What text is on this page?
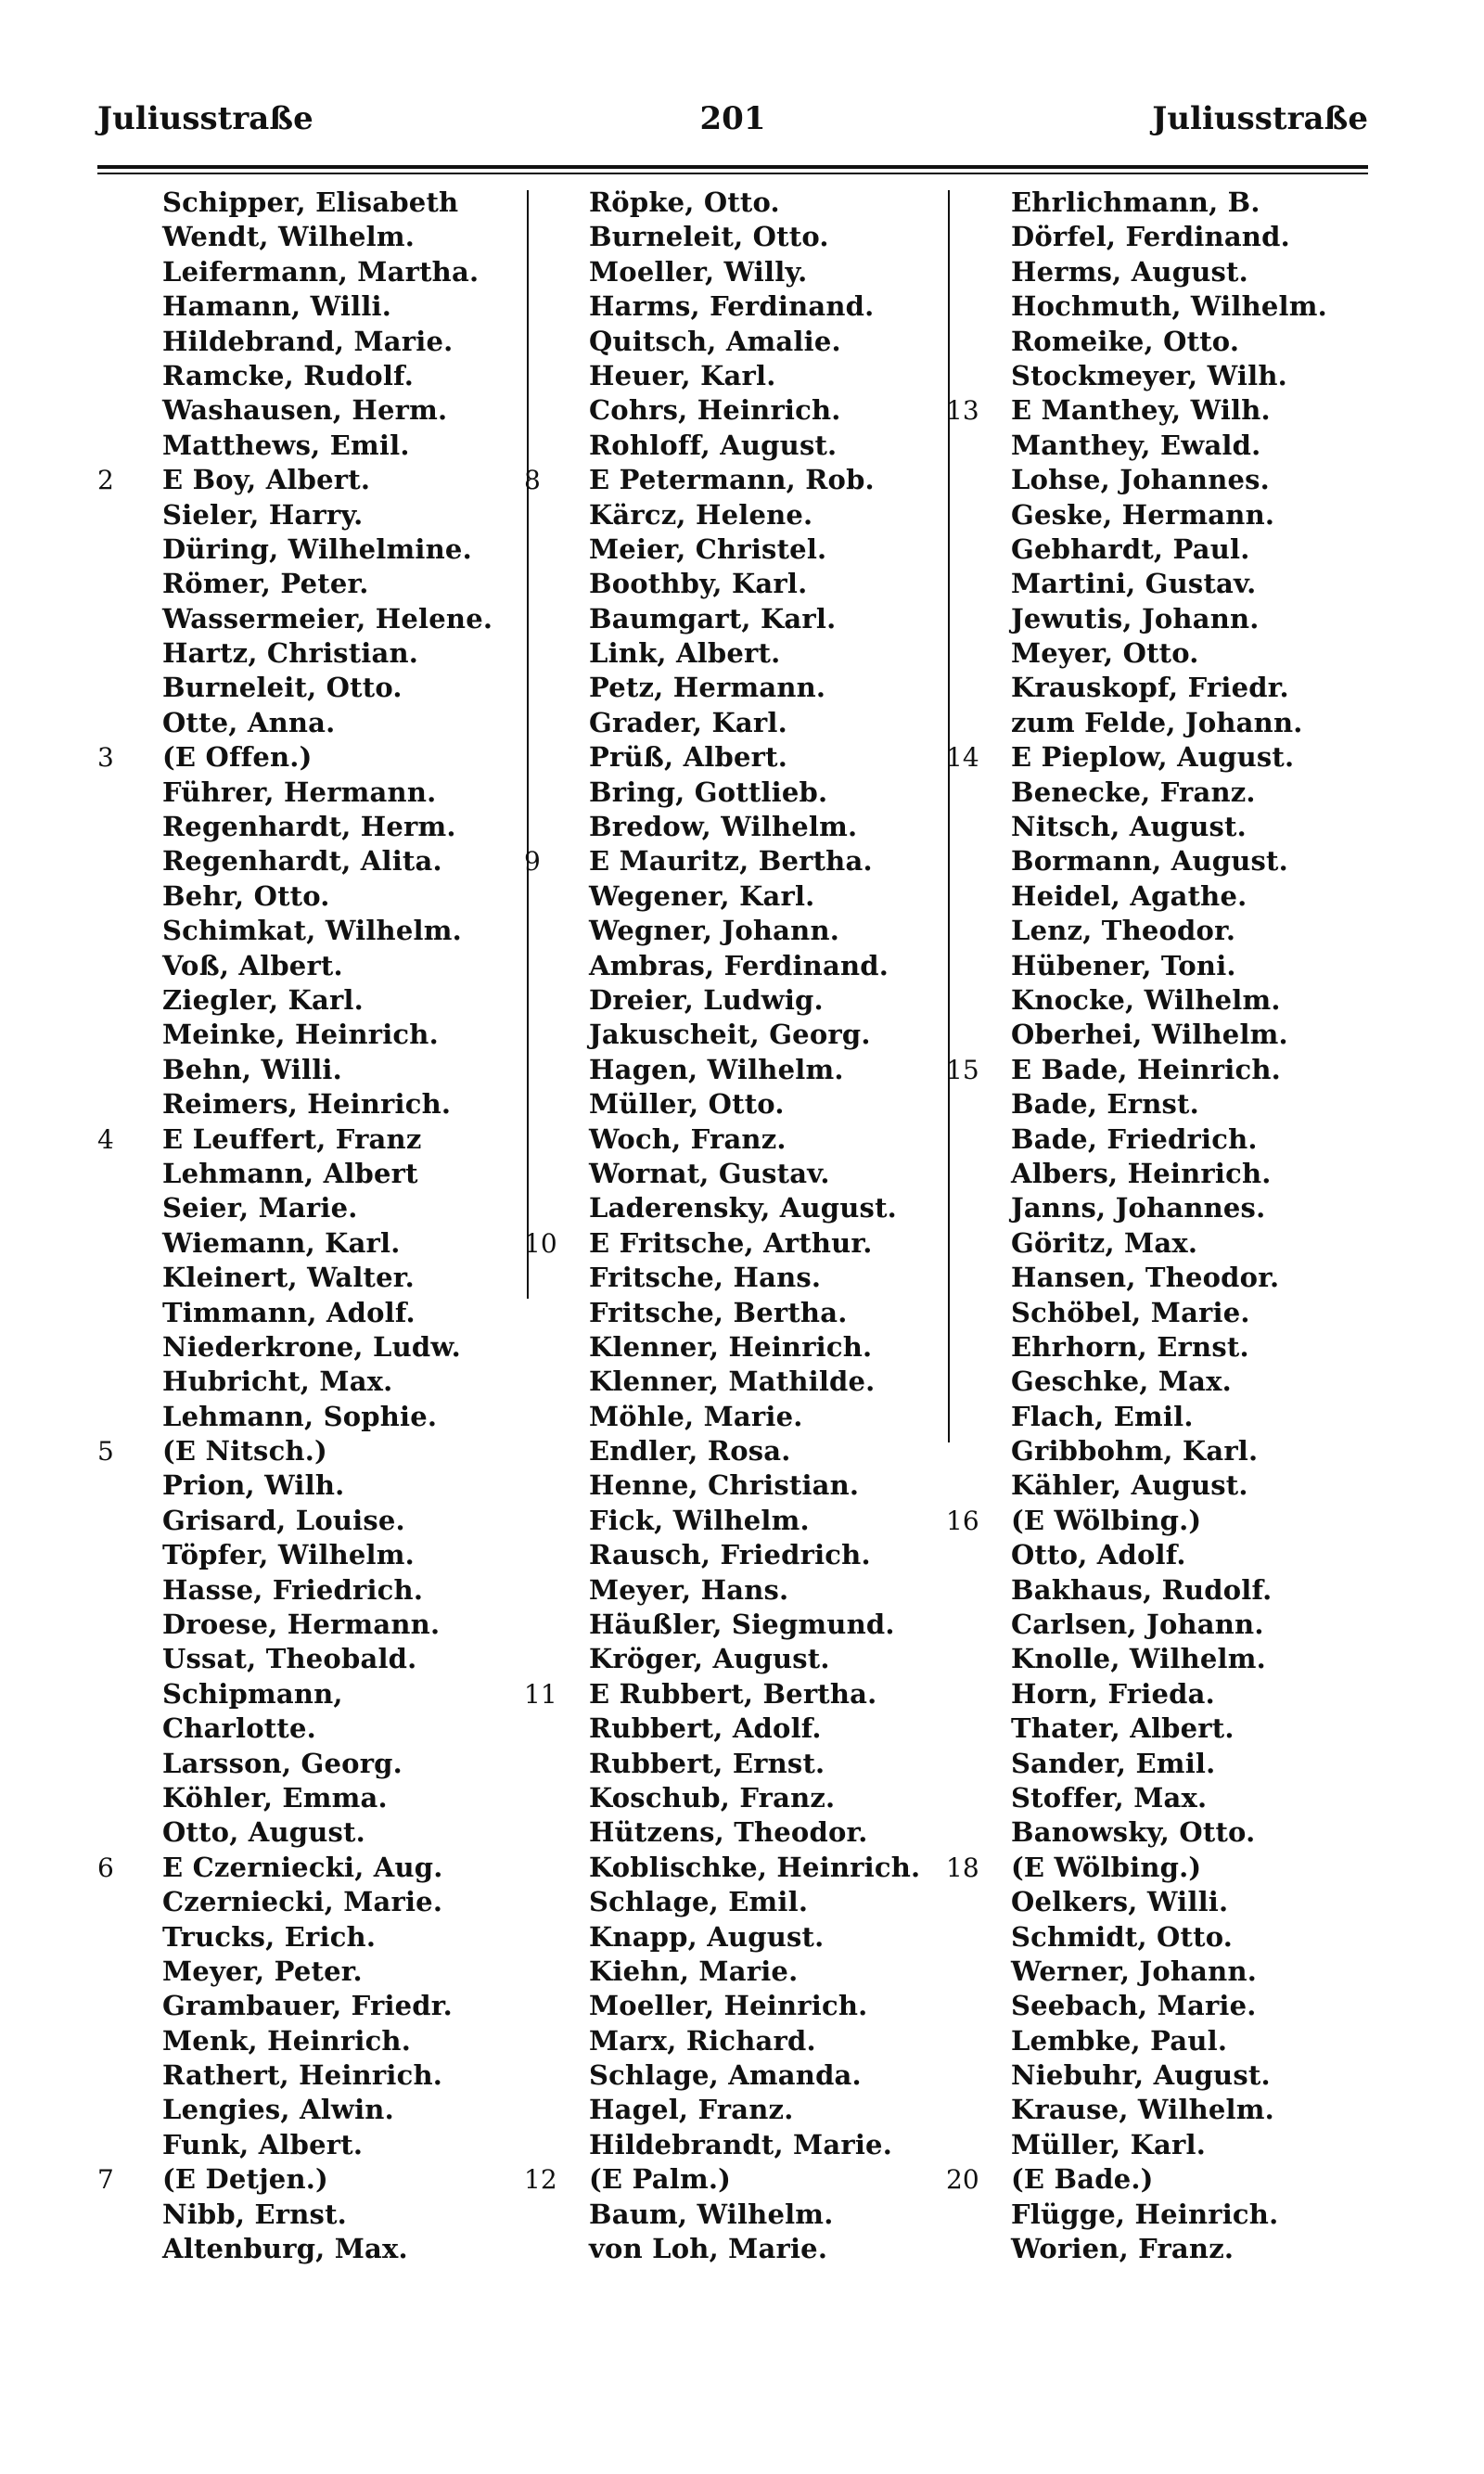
Juliusstraße	201	Juliusstraße
Schipper, Elisabeth
Wendt, Wilhelm.
Leifermann, Martha.
Hamann, Willi.
Hildebrand, Marie.
Ramcke, Rudolf.
Washausen, Herm.
Matthews, Emil.
2	E Boy, Albert.
Sieler, Harry.
Düring, Wilhelmine.
Römer, Peter.
Wassermeier, Helene.
Hartz, Christian.
Burneleit, Otto.
Otte, Anna.
3	(E Offen.)
Führer, Hermann.
Regenhardt, Herm.
Regenhardt, Alita.
Behr, Otto.
Schimkat, Wilhelm.
Voß, Albert.
Ziegler, Karl.
Meinke, Heinrich.
Behn, Willi.
Reimers, Heinrich.
4	E Leuffert, Franz
Lehmann, Albert
Seier, Marie.
Wiemann, Karl.
Kleinert, Walter.
Timmann, Adolf.
Niederkrone, Ludw.
Hubricht, Max.
Lehmann, Sophie.
5	(E Nitsch.)
Prion, Wilh.
Grisard, Louise.
Töpfer, Wilhelm.
Hasse, Friedrich.
Droese, Hermann.
Ussat, Theobald.
Schipmann,
Charlotte.
Larsson, Georg.
Köhler, Emma.
Otto, August.
6	E Czerniecki, Aug.
Czerniecki, Marie.
Trucks, Erich.
Meyer, Peter.
Grambauer, Friedr.
Menk, Heinrich.
Rathert, Heinrich.
Lengies, Alwin.
Funk, Albert.
7	(E Detjen.)
Nibb, Ernst.
Altenburg, Max.
Röpke, Otto.
Burneleit, Otto.
Moeller, Willy.
Harms, Ferdinand.
Quitsch, Amalie.
Heuer, Karl.
Cohrs, Heinrich.
Rohloff, August.
8	E Petermann, Rob.
Kärcz, Helene.
Meier, Christel.
Boothby, Karl.
Baumgart, Karl.
Link, Albert.
Petz, Hermann.
Grader, Karl.
Prüß, Albert.
Bring, Gottlieb.
Bredow, Wilhelm.
9	E Mauritz, Bertha.
Wegener, Karl.
Wegner, Johann.
Ambras, Ferdinand.
Dreier, Ludwig.
Jakuscheit, Georg.
Hagen, Wilhelm.
Müller, Otto.
Woch, Franz.
Wornat, Gustav.
Laderensky, August.
10	E Fritsche, Arthur.
Fritsche, Hans.
Fritsche, Bertha.
Klenner, Heinrich.
Klenner, Mathilde.
Möhle, Marie.
Endler, Rosa.
Henne, Christian.
Fick, Wilhelm.
Rausch, Friedrich.
Meyer, Hans.
Häußler, Siegmund.
Kröger, August.
11	E Rubbert, Bertha.
Rubbert, Adolf.
Rubbert, Ernst.
Koschub, Franz.
Hützens, Theodor.
Koblischke, Heinrich.
Schlage, Emil.
Knapp, August.
Kiehn, Marie.
Moeller, Heinrich.
Marx, Richard.
Schlage, Amanda.
Hagel, Franz.
Hildebrandt, Marie.
12	(E Palm.)
Baum, Wilhelm.
von Loh, Marie.
Ehrlichmann, B.
Dörfel, Ferdinand.
Herms, August.
Hochmuth, Wilhelm.
Romeike, Otto.
Stockmeyer, Wilh.
13	E Manthey, Wilh.
Manthey, Ewald.
Lohse, Johannes.
Geske, Hermann.
Gebhardt, Paul.
Martini, Gustav.
Jewutis, Johann.
Meyer, Otto.
Krauskopf, Friedr.
zum Felde, Johann.
14	E Pieplow, August.
Benecke, Franz.
Nitsch, August.
Bormann, August.
Heidel, Agathe.
Lenz, Theodor.
Hübener, Toni.
Knocke, Wilhelm.
Oberhei, Wilhelm.
15	E Bade, Heinrich.
Bade, Ernst.
Bade, Friedrich.
Albers, Heinrich.
Janns, Johannes.
Göritz, Max.
Hansen, Theodor.
Schöbel, Marie.
Ehrhorn, Ernst.
Geschke, Max.
Flach, Emil.
Gribbohm, Karl.
Kähler, August.
16	(E Wölbing.)
Otto, Adolf.
Bakhaus, Rudolf.
Carlsen, Johann.
Knolle, Wilhelm.
Horn, Frieda.
Thater, Albert.
Sander, Emil.
Stoffer, Max.
Banowsky, Otto.
18	(E Wölbing.)
Oelkers, Willi.
Schmidt, Otto.
Werner, Johann.
Seebach, Marie.
Lembke, Paul.
Niebuhr, August.
Krause, Wilhelm.
Müller, Karl.
20	(E Bade.)
Flügge, Heinrich.
Worien, Franz.
